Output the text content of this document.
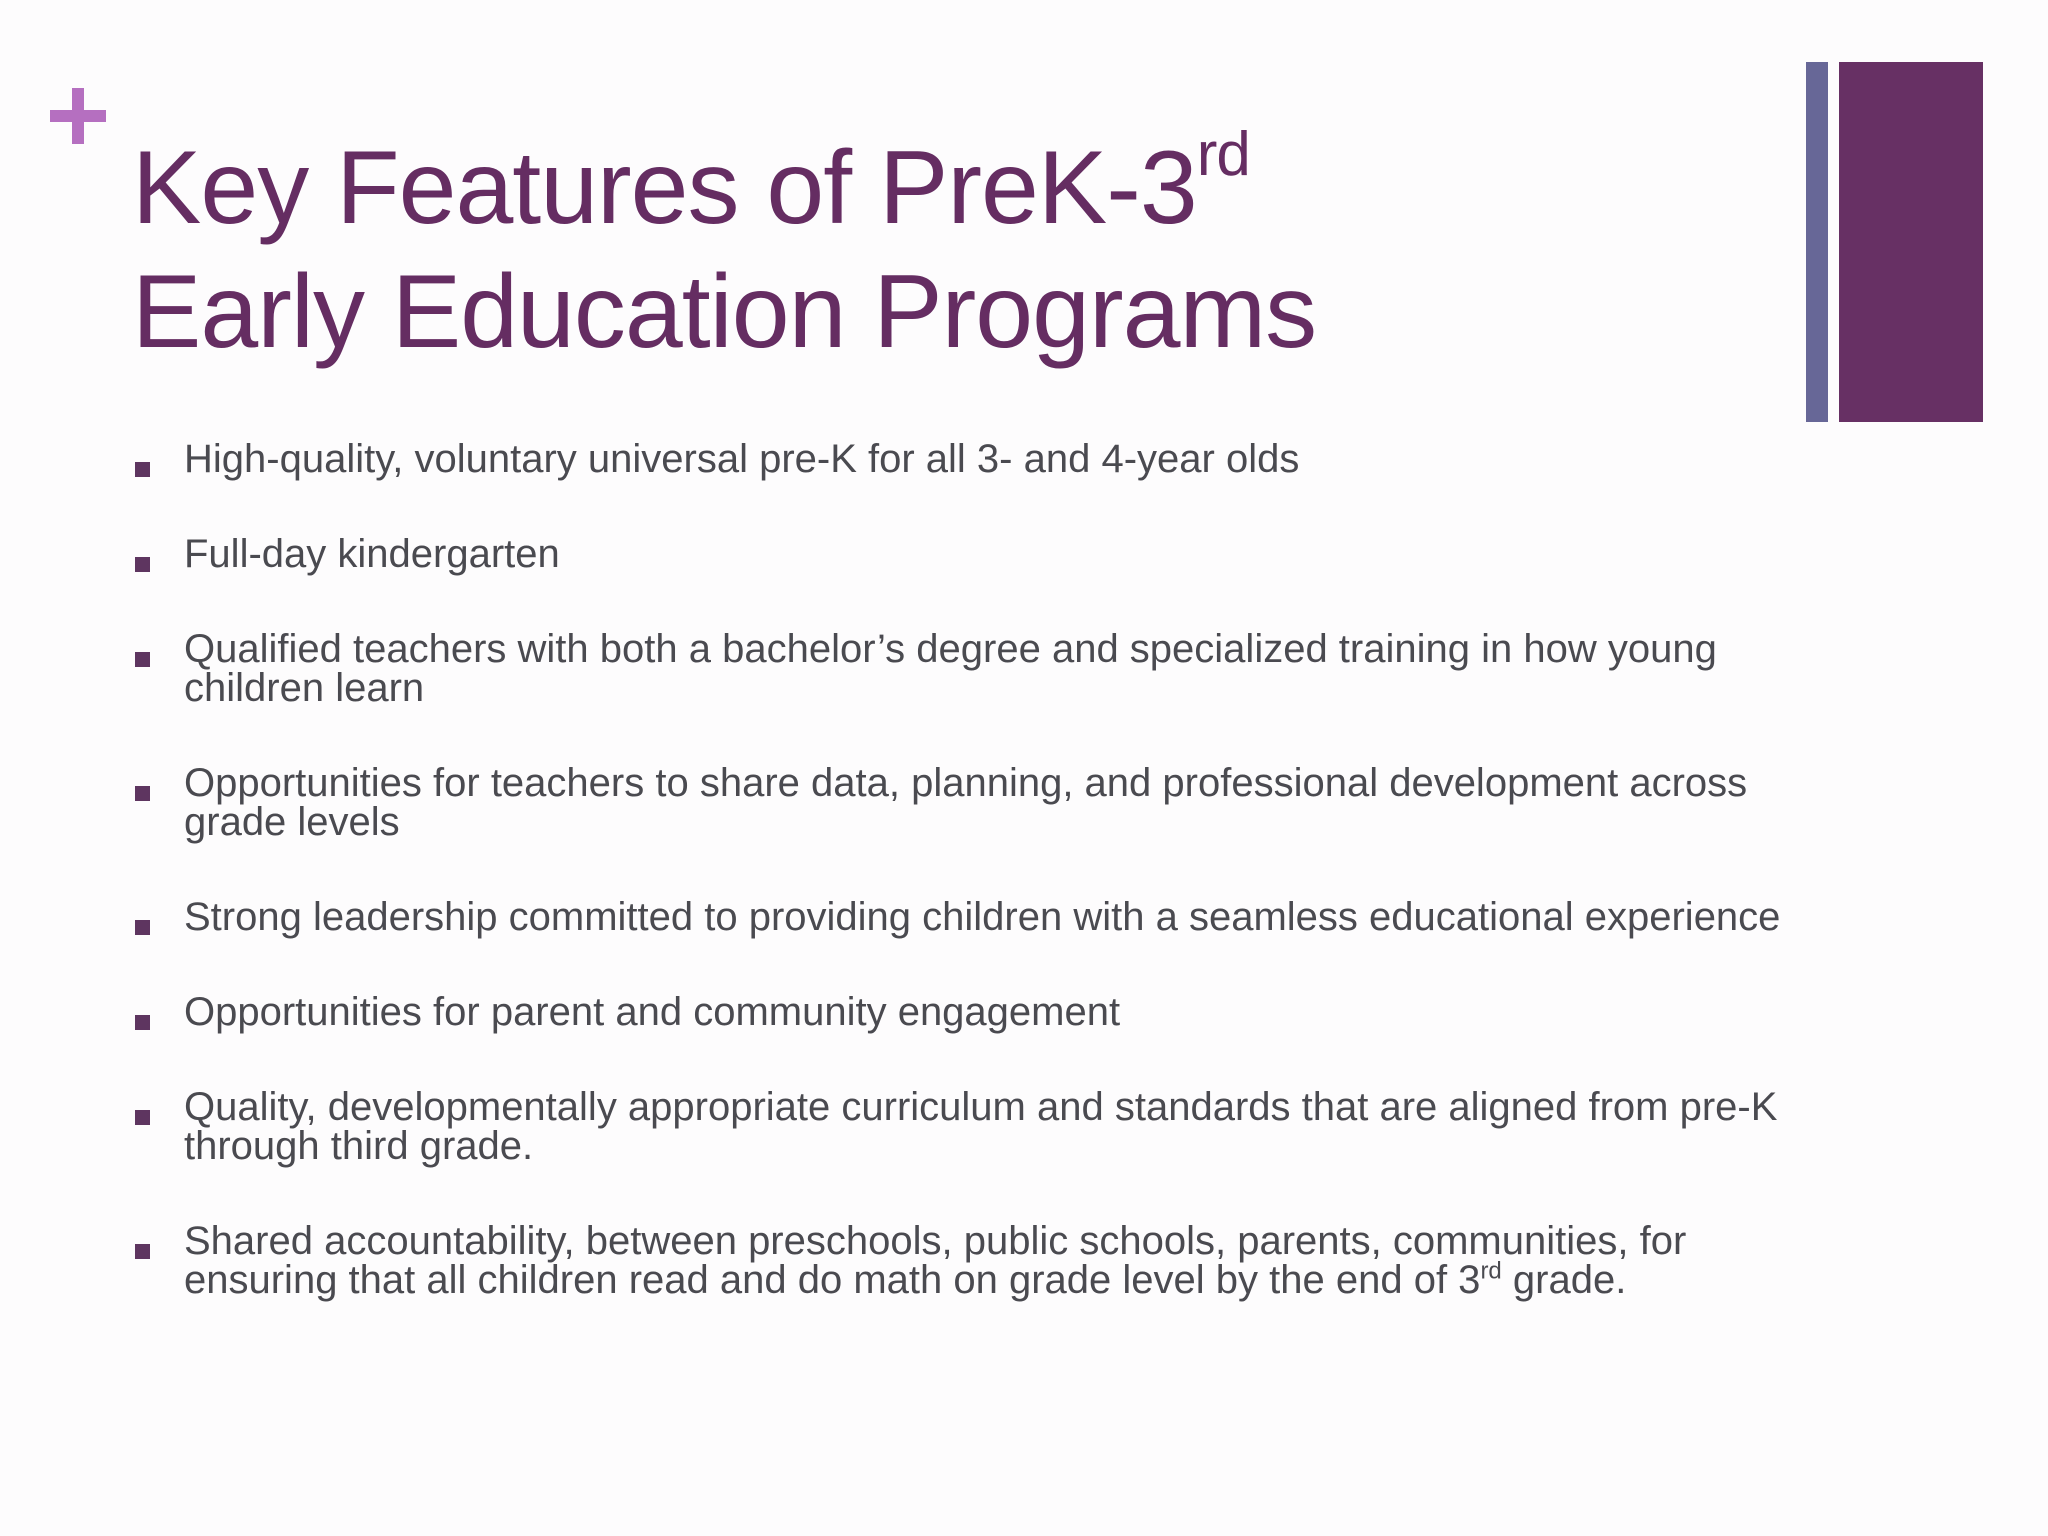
Key Features of PreK-3rd
Early Education Programs
High-quality, voluntary universal pre-K for all 3- and 4-year olds
Full-day kindergarten
Qualified teachers with both a bachelor’s degree and specialized training in how young children learn
Opportunities for teachers to share data, planning, and professional development across grade levels
Strong leadership committed to providing children with a seamless educational experience
Opportunities for parent and community engagement
Quality, developmentally appropriate curriculum and standards that are aligned from pre-K through third grade.
Shared accountability, between preschools, public schools, parents, communities, for ensuring that all children read and do math on grade level by the end of 3rd grade.
